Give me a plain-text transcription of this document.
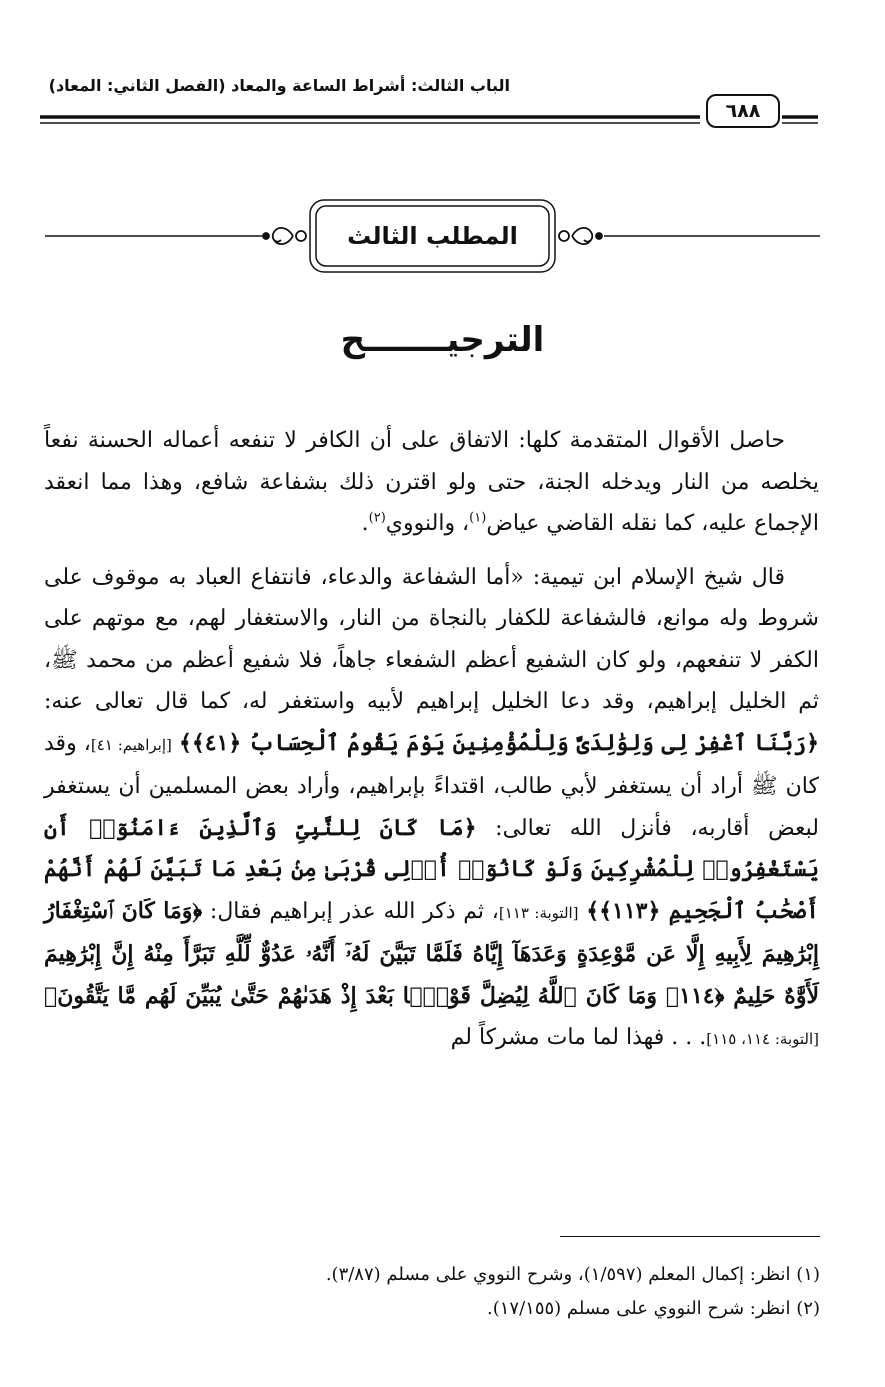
الباب الثالث: أشراط الساعة والمعاد (الفصل الثاني: المعاد)
٦٨٨
المطلب الثالث
الترجيـــــــح

حاصل الأقوال المتقدمة كلها: الاتفاق على أن الكافر لا تنفعه أعماله الحسنة نفعاً يخلصه من النار ويدخله الجنة، حتى ولو اقترن ذلك بشفاعة شافع، وهذا مما انعقد الإجماع عليه، كما نقله القاضي عياض$^{(١)}$، والنووي$^{(٢)}$.

قال شيخ الإسلام ابن تيمية: «أما الشفاعة والدعاء، فانتفاع العباد به موقوف على شروط وله موانع، فالشفاعة للكفار بالنجاة من النار، والاستغفار لهم، مع موتهم على الكفر لا تنفعهم، ولو كان الشفيع أعظم الشفعاء جاهاً، فلا شفيع أعظم من محمد ﷺ، ثم الخليل إبراهيم، وقد دعا الخليل إبراهيم لأبيه واستغفر له، كما قال تعالى عنه: ﴿رَبَّنَا ٱغْفِرْ لِى وَلِوَٰلِدَىَّ وَلِلْمُؤْمِنِينَ يَوْمَ يَقُومُ ٱلْحِسَابُ ﴿٤١﴾﴾ [إبراهيم: ٤١]، وقد كان ﷺ أراد أن يستغفر لأبي طالب، اقتداءً بإبراهيم، وأراد بعض المسلمين أن يستغفر لبعض أقاربه، فأنزل الله تعالى: ﴿مَا كَانَ لِلنَّبِىِّ وَٱلَّذِينَ ءَامَنُوٓا۟ أَن يَسْتَغْفِرُوا۟ لِلْمُشْرِكِينَ وَلَوْ كَانُوٓا۟ أُو۟لِى قُرْبَىٰ مِنۢ بَعْدِ مَا تَبَيَّنَ لَهُمْ أَنَّهُمْ أَصْحَٰبُ ٱلْجَحِيمِ ﴿١١٣﴾﴾ [التوبة: ١١٣]، ثم ذكر الله عذر إبراهيم فقال: ﴿وَمَا كَانَ ٱسْتِغْفَارُ إِبْرَٰهِيمَ لِأَبِيهِ إِلَّا عَن مَّوْعِدَةٍ وَعَدَهَآ إِيَّاهُ فَلَمَّا تَبَيَّنَ لَهُۥٓ أَنَّهُۥ عَدُوٌّ لِّلَّهِ تَبَرَّأَ مِنْهُ إِنَّ إِبْرَٰهِيمَ لَأَوَّٰهٌ حَلِيمٌ ﴿١١٤﴾ وَمَا كَانَ ٱللَّهُ لِيُضِلَّ قَوْمًۢا بَعْدَ إِذْ هَدَىٰهُمْ حَتَّىٰ يُبَيِّنَ لَهُم مَّا يَتَّقُونَ﴾ [التوبة: ١١٤، ١١٥]. . . فهذا لما مات مشركاً لم

(١) انظر: إكمال المعلم (١/٥٩٧)، وشرح النووي على مسلم (٣/٨٧).
(٢) انظر: شرح النووي على مسلم (١٧/١٥٥).
